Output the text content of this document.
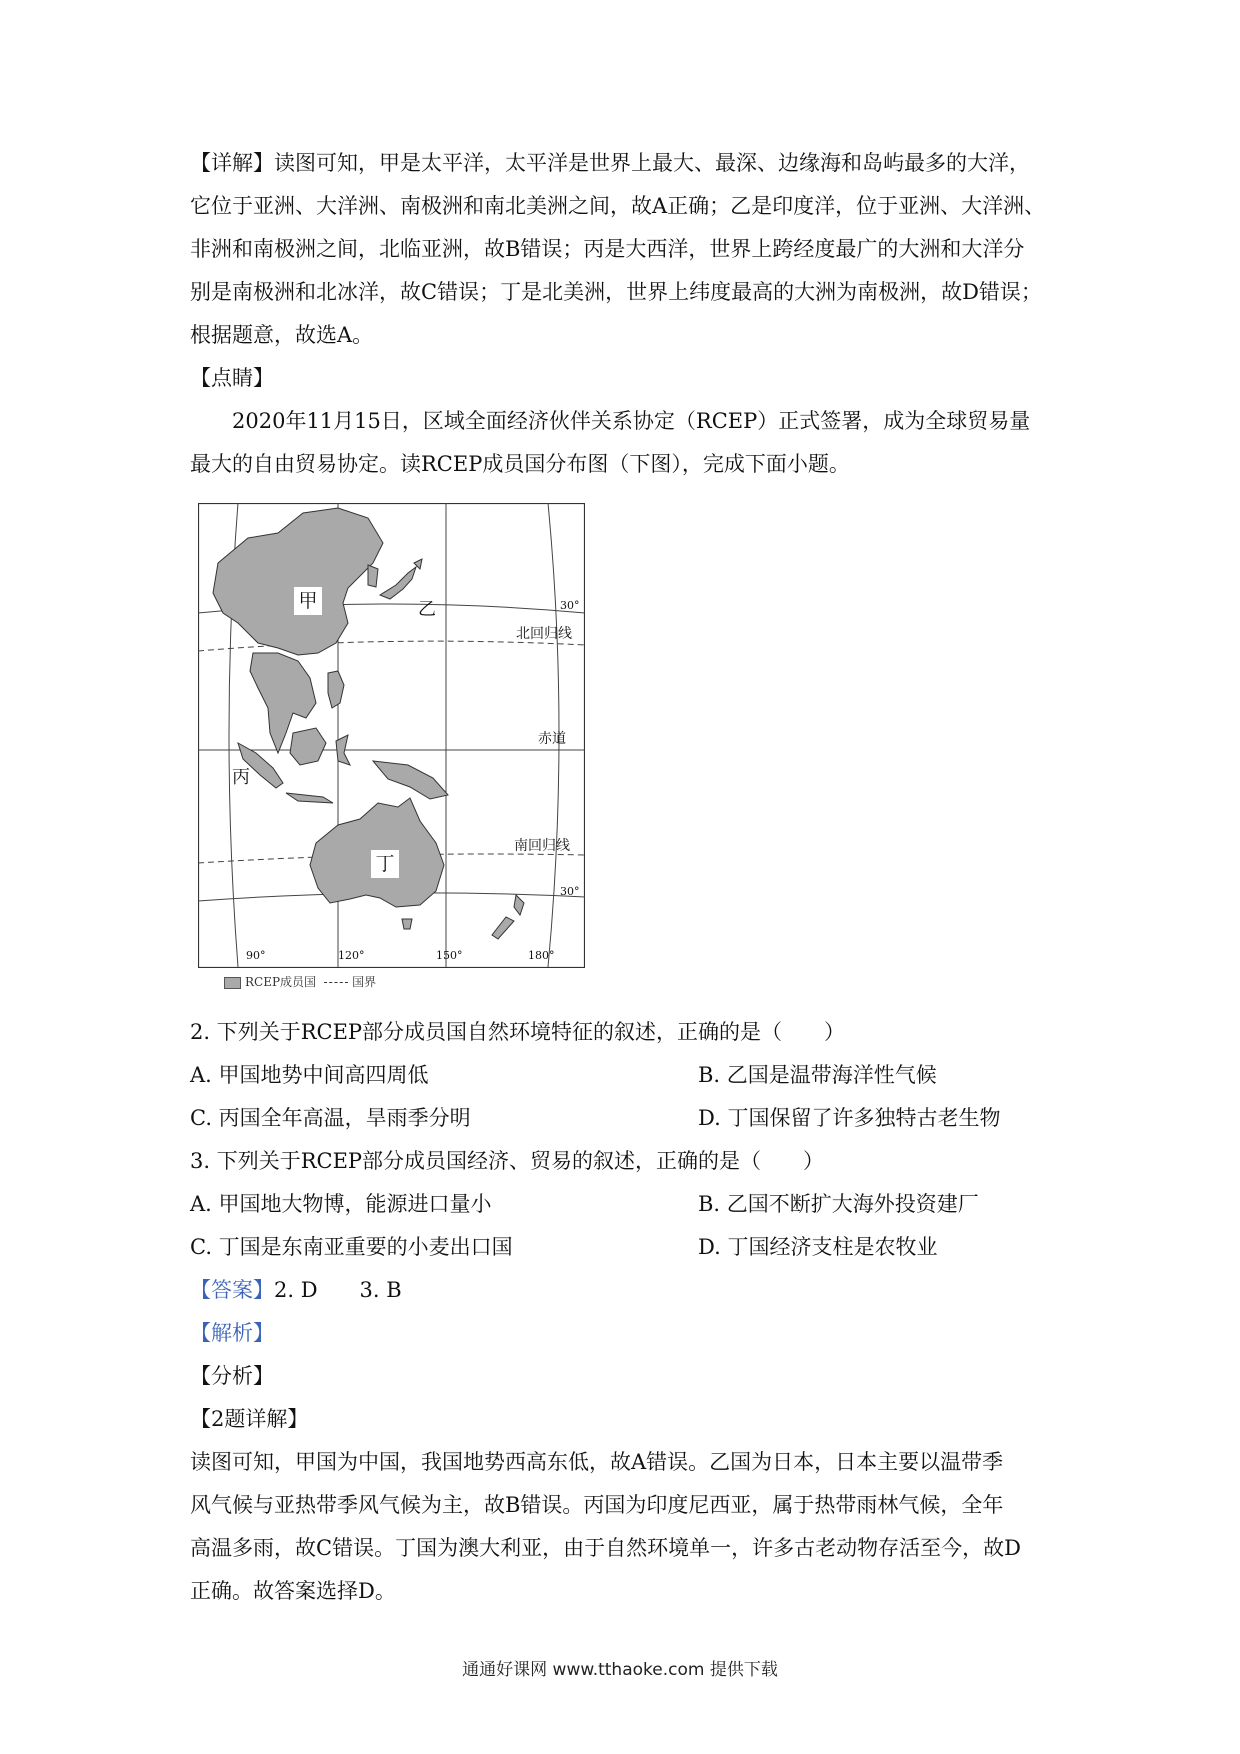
【详解】读图可知，甲是太平洋，太平洋是世界上最大、最深、边缘海和岛屿最多的大洋，
它位于亚洲、大洋洲、南极洲和南北美洲之间，故A正确；乙是印度洋，位于亚洲、大洋洲、
非洲和南极洲之间，北临亚洲，故B错误；丙是大西洋，世界上跨经度最广的大洲和大洋分
别是南极洲和北冰洋，故C错误；丁是北美洲，世界上纬度最高的大洲为南极洲，故D错误；
根据题意，故选A。
【点睛】
2020年11月15日，区域全面经济伙伴关系协定（RCEP）正式签署，成为全球贸易量
最大的自由贸易协定。读RCEP成员国分布图（下图），完成下面小题。
甲	乙
丙
丁
北回归线
赤道
南回归线
30°
30°
90°	120°	150°	180°
RCEP成员国	国界
2. 下列关于RCEP部分成员国自然环境特征的叙述，正确的是（　　）
A. 甲国地势中间高四周低	B. 乙国是温带海洋性气候
C. 丙国全年高温，旱雨季分明	D. 丁国保留了许多独特古老生物
3. 下列关于RCEP部分成员国经济、贸易的叙述，正确的是（　　）
A. 甲国地大物博，能源进口量小	B. 乙国不断扩大海外投资建厂
C. 丁国是东南亚重要的小麦出口国	D. 丁国经济支柱是农牧业
【答案】2. D　　3. B
【解析】
【分析】
【2题详解】
读图可知，甲国为中国，我国地势西高东低，故A错误。乙国为日本，日本主要以温带季
风气候与亚热带季风气候为主，故B错误。丙国为印度尼西亚，属于热带雨林气候，全年
高温多雨，故C错误。丁国为澳大利亚，由于自然环境单一，许多古老动物存活至今，故D
正确。故答案选择D。
通通好课网 www.tthaoke.com 提供下载
